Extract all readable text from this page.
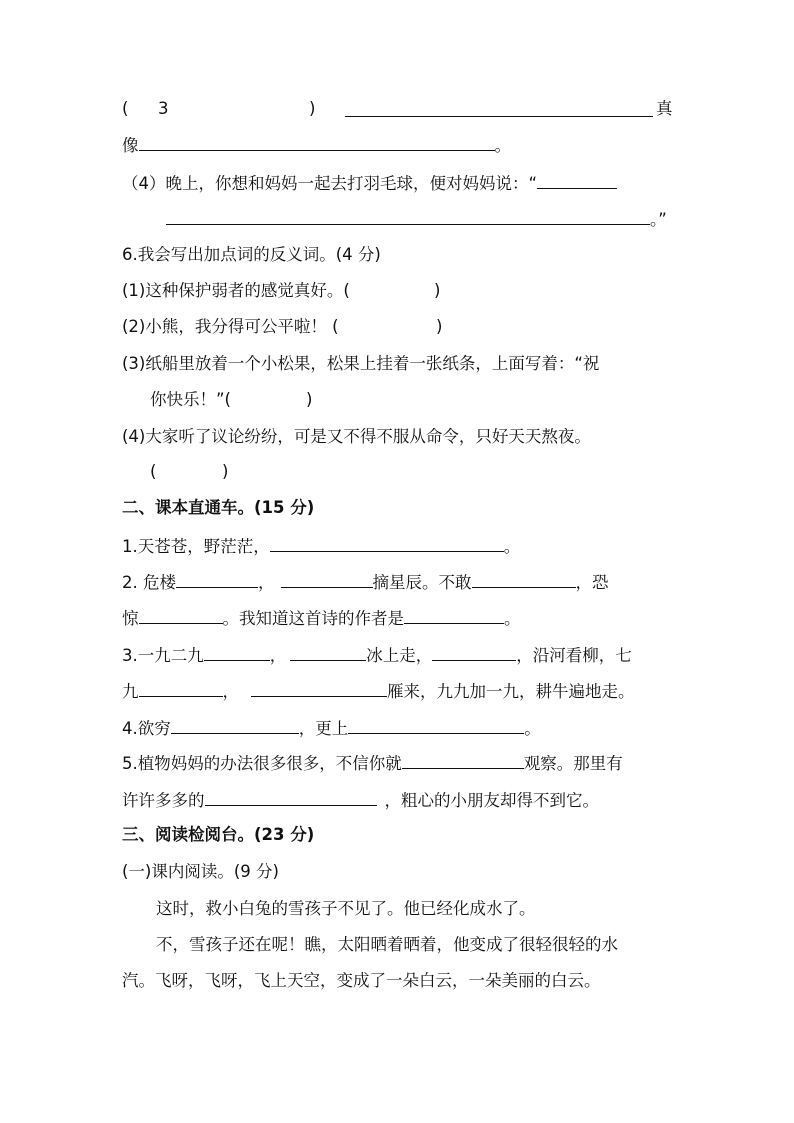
( 3	)	真
像	。
（4）晚上，你想和妈妈一起去打羽毛球，便对妈妈说：“
。”
6.我会写出加点词的反义词。(4 分)
(1)这种保护弱者的感觉真好。(	)
(2)小熊，我分得可公平啦！ (	)
(3)纸船里放着一个小松果，松果上挂着一张纸条，上面写着：“祝
你快乐！”(	)
(4)大家听了议论纷纷，可是又不得不服从命令，只好天天熬夜。
(	)
二、课本直通车。(15 分)
1.天苍苍，野茫茫，	。
2. 危楼	，	摘星辰。不敢	，恐
惊	。我知道这首诗的作者是	。
3.一九二九	，	冰上走，	，沿河看柳，七
九	，	雁来，九九加一九，耕牛遍地走。
4.欲穷	，更上	。
5.植物妈妈的办法很多很多，不信你就	观察。那里有
许许多多的	，粗心的小朋友却得不到它。
三、阅读检阅台。(23 分)
(一)课内阅读。(9 分)
这时，救小白兔的雪孩子不见了。他已经化成水了。
不，雪孩子还在呢！瞧，太阳晒着晒着，他变成了很轻很轻的水
汽。飞呀，飞呀，飞上天空，变成了一朵白云，一朵美丽的白云。
